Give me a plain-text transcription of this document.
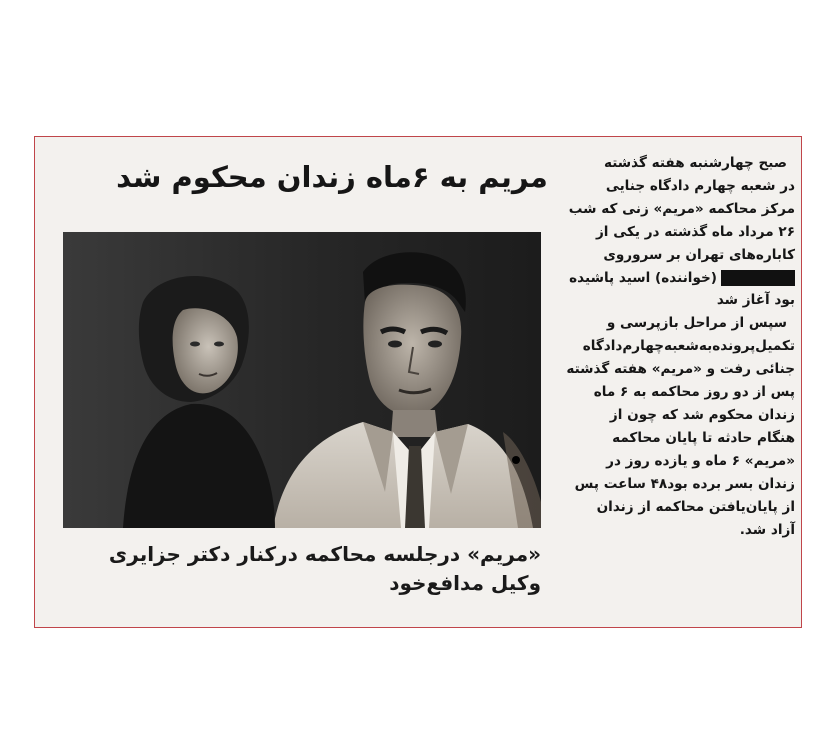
مریم به ۶ماه زندان محکوم شد
«مریم» درجلسه محاکمه درکنار دکتر جزایری
وکیل مدافع‌خود
صبح چهارشنبه هفته گذشته
در شعبه چهارم دادگاه جنایی
مرکز محاکمه «مریم» زنی که شب
۲۶ مرداد ماه گذشته در یکی از
کاباره‌های تهران بر سروروی
(خواننده) اسید پاشیده
بود آغاز شد
سپس از مراحل بازپرسی و
تکمیل‌پرونده‌به‌شعبه‌چهارم‌دادگاه
جنائی رفت و «مریم» هفته گذشته
پس از دو روز محاکمه به ۶ ماه
زندان محکوم شد که چون از
هنگام حادثه تا پایان محاکمه
«مریم» ۶ ماه و یازده روز در
زندان بسر برده بود۴۸ ساعت پس
از پایان‌یافتن محاکمه از زندان
آزاد شد.
